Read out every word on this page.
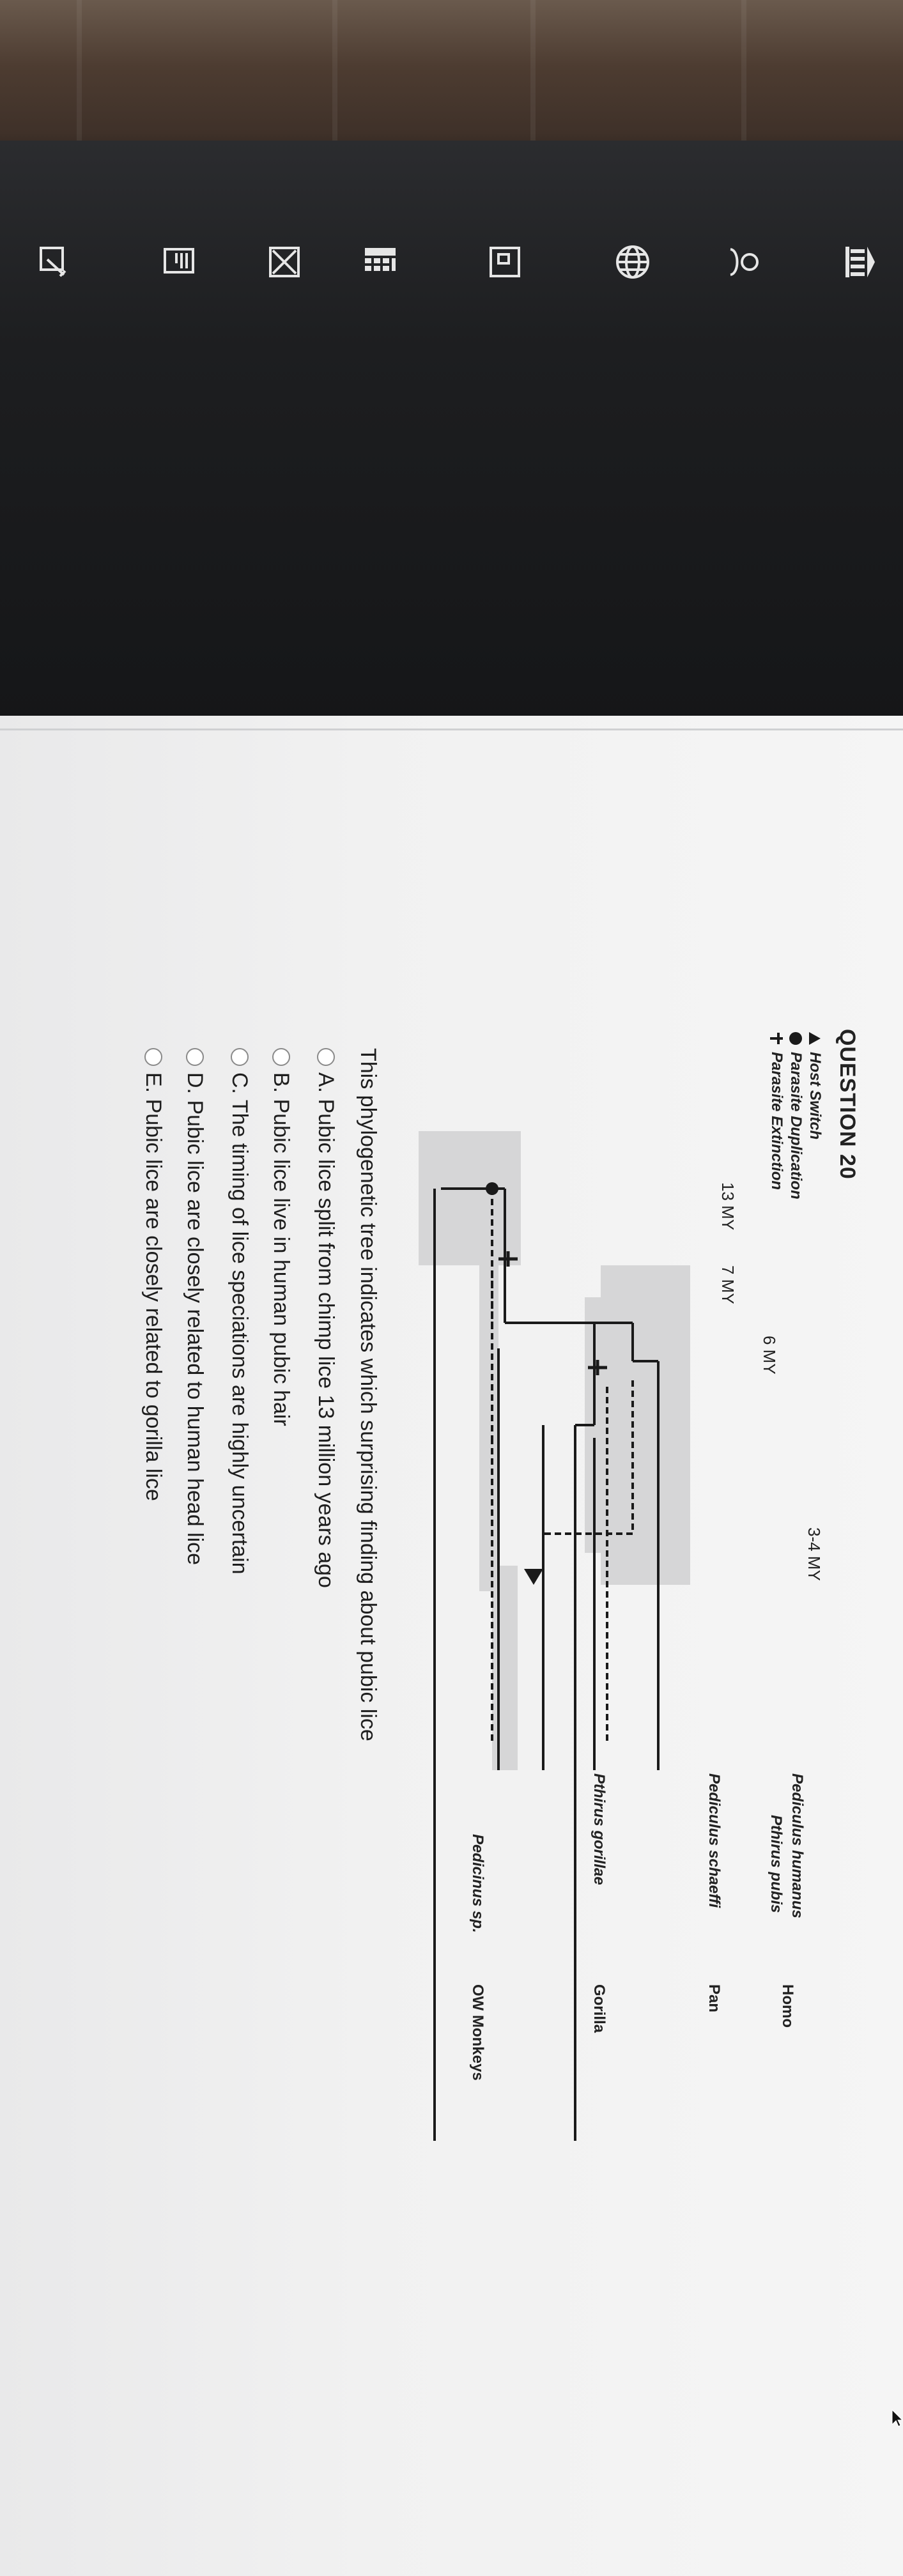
QUESTION 20
Host Switch
Parasite Duplication
Parasite Extinction
13 MY
7 MY
6 MY
3-4 MY
Pediculus humanus
Pthirus pubis
Pediculus schaeffi
Pthirus gorillae
Pedicinus sp.
Homo
Pan
Gorilla
OW Monkeys
This phylogenetic tree indicates which surprising finding about pubic lice
A. Pubic lice split from chimp lice 13 million years ago
B. Pubic lice live in human pubic hair
C. The timing of lice speciations are highly uncertain
D. Pubic lice are closely related to human head lice
E. Pubic lice are closely related to gorilla lice
